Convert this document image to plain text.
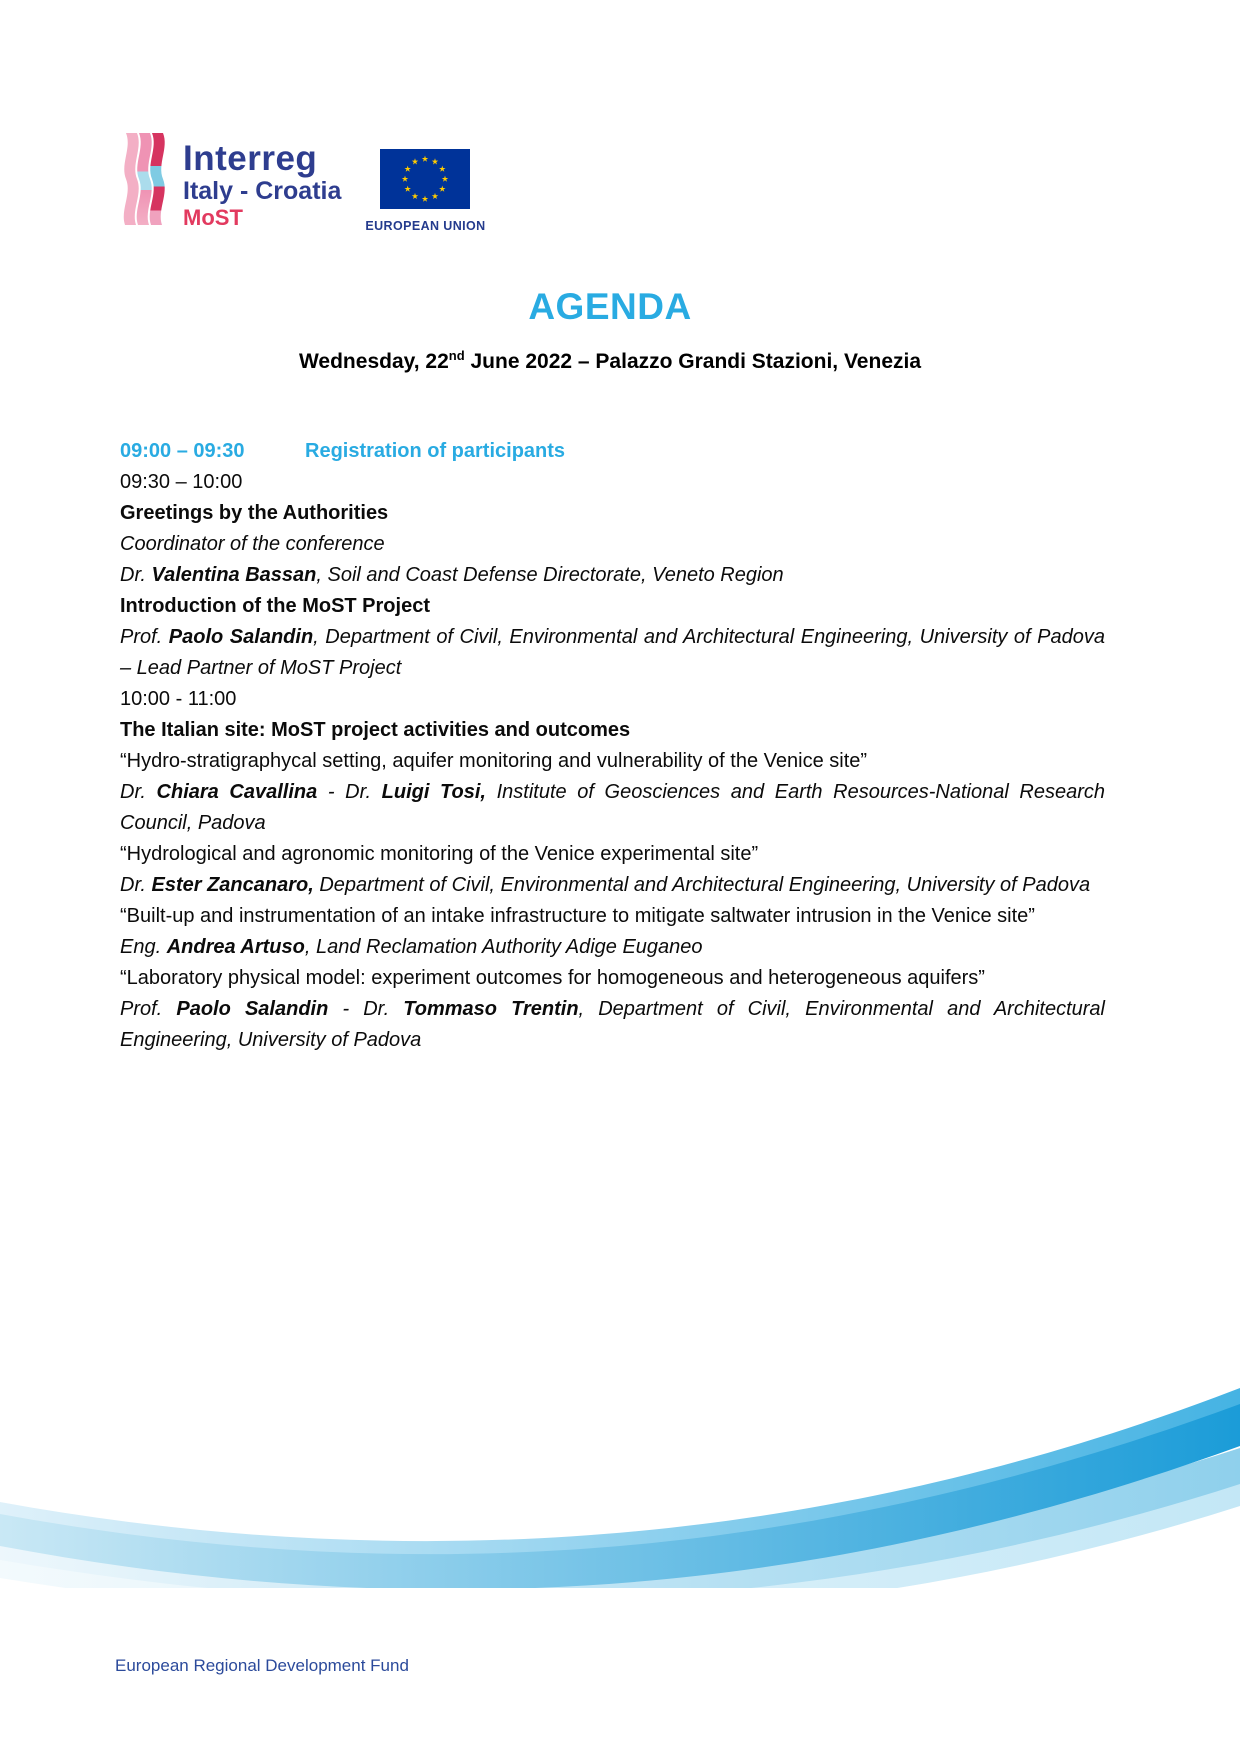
Interreg
Italy - Croatia
MoST	EUROPEAN UNION
AGENDA

Wednesday, 22nd June 2022 – Palazzo Grandi Stazioni, Venezia

09:00 – 09:30	Registration of participants

09:30 – 10:00

Greetings by the Authorities

Coordinator of the conference

Dr. Valentina Bassan, Soil and Coast Defense Directorate, Veneto Region

Introduction of the MoST Project

Prof. Paolo Salandin, Department of Civil, Environmental and Architectural Engineering, University of Padova – Lead Partner of MoST Project

10:00 - 11:00

The Italian site: MoST project activities and outcomes

“Hydro-stratigraphycal setting, aquifer monitoring and vulnerability of the Venice site”

Dr. Chiara Cavallina - Dr. Luigi Tosi, Institute of Geosciences and Earth Resources-National Research Council, Padova

“Hydrological and agronomic monitoring of the Venice experimental site”

Dr. Ester Zancanaro, Department of Civil, Environmental and Architectural Engineering, University of Padova

“Built-up and instrumentation of an intake infrastructure to mitigate saltwater intrusion in the Venice site”

Eng. Andrea Artuso, Land Reclamation Authority Adige Euganeo

“Laboratory physical model: experiment outcomes for homogeneous and heterogeneous aquifers”

Prof. Paolo Salandin - Dr. Tommaso Trentin, Department of Civil, Environmental and Architectural Engineering, University of Padova

European Regional Development Fund
